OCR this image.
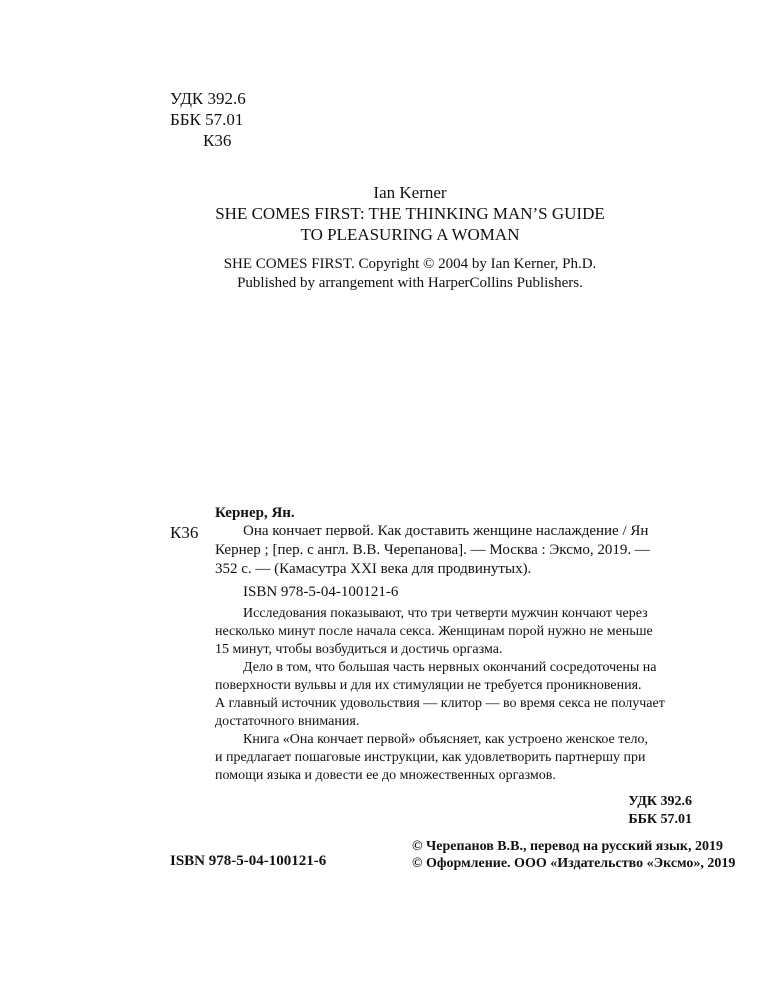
УДК 392.6
ББК 57.01
К36
Ian Kerner
SHE COMES FIRST: THE THINKING MAN’S GUIDE
TO PLEASURING A WOMAN
SHE COMES FIRST. Copyright © 2004 by Ian Kerner, Ph.D.
Published by arrangement with HarperCollins Publishers.
Кернер, Ян.
К36	Она кончает первой. Как доставить женщине наслаждение / Ян
Кернер ; [пер. с англ. В.В. Черепанова]. — Москва : Эксмо, 2019. —
352 с. — (Камасутра XXI века для продвинутых).
ISBN 978-5-04-100121-6
Исследования показывают, что три четверти мужчин кончают через
несколько минут после начала секса. Женщинам порой нужно не меньше
15 минут, чтобы возбудиться и достичь оргазма.
Дело в том, что большая часть нервных окончаний сосредоточены на
поверхности вульвы и для их стимуляции не требуется проникновения.
А главный источник удовольствия — клитор — во время секса не получает
достаточного внимания.
Книга «Она кончает первой» объясняет, как устроено женское тело,
и предлагает пошаговые инструкции, как удовлетворить партнершу при
помощи языка и довести ее до множественных оргазмов.
УДК 392.6
ББК 57.01
ISBN 978-5-04-100121-6
© Черепанов В.В., перевод на русский язык, 2019
© Оформление. ООО «Издательство «Эксмо», 2019
